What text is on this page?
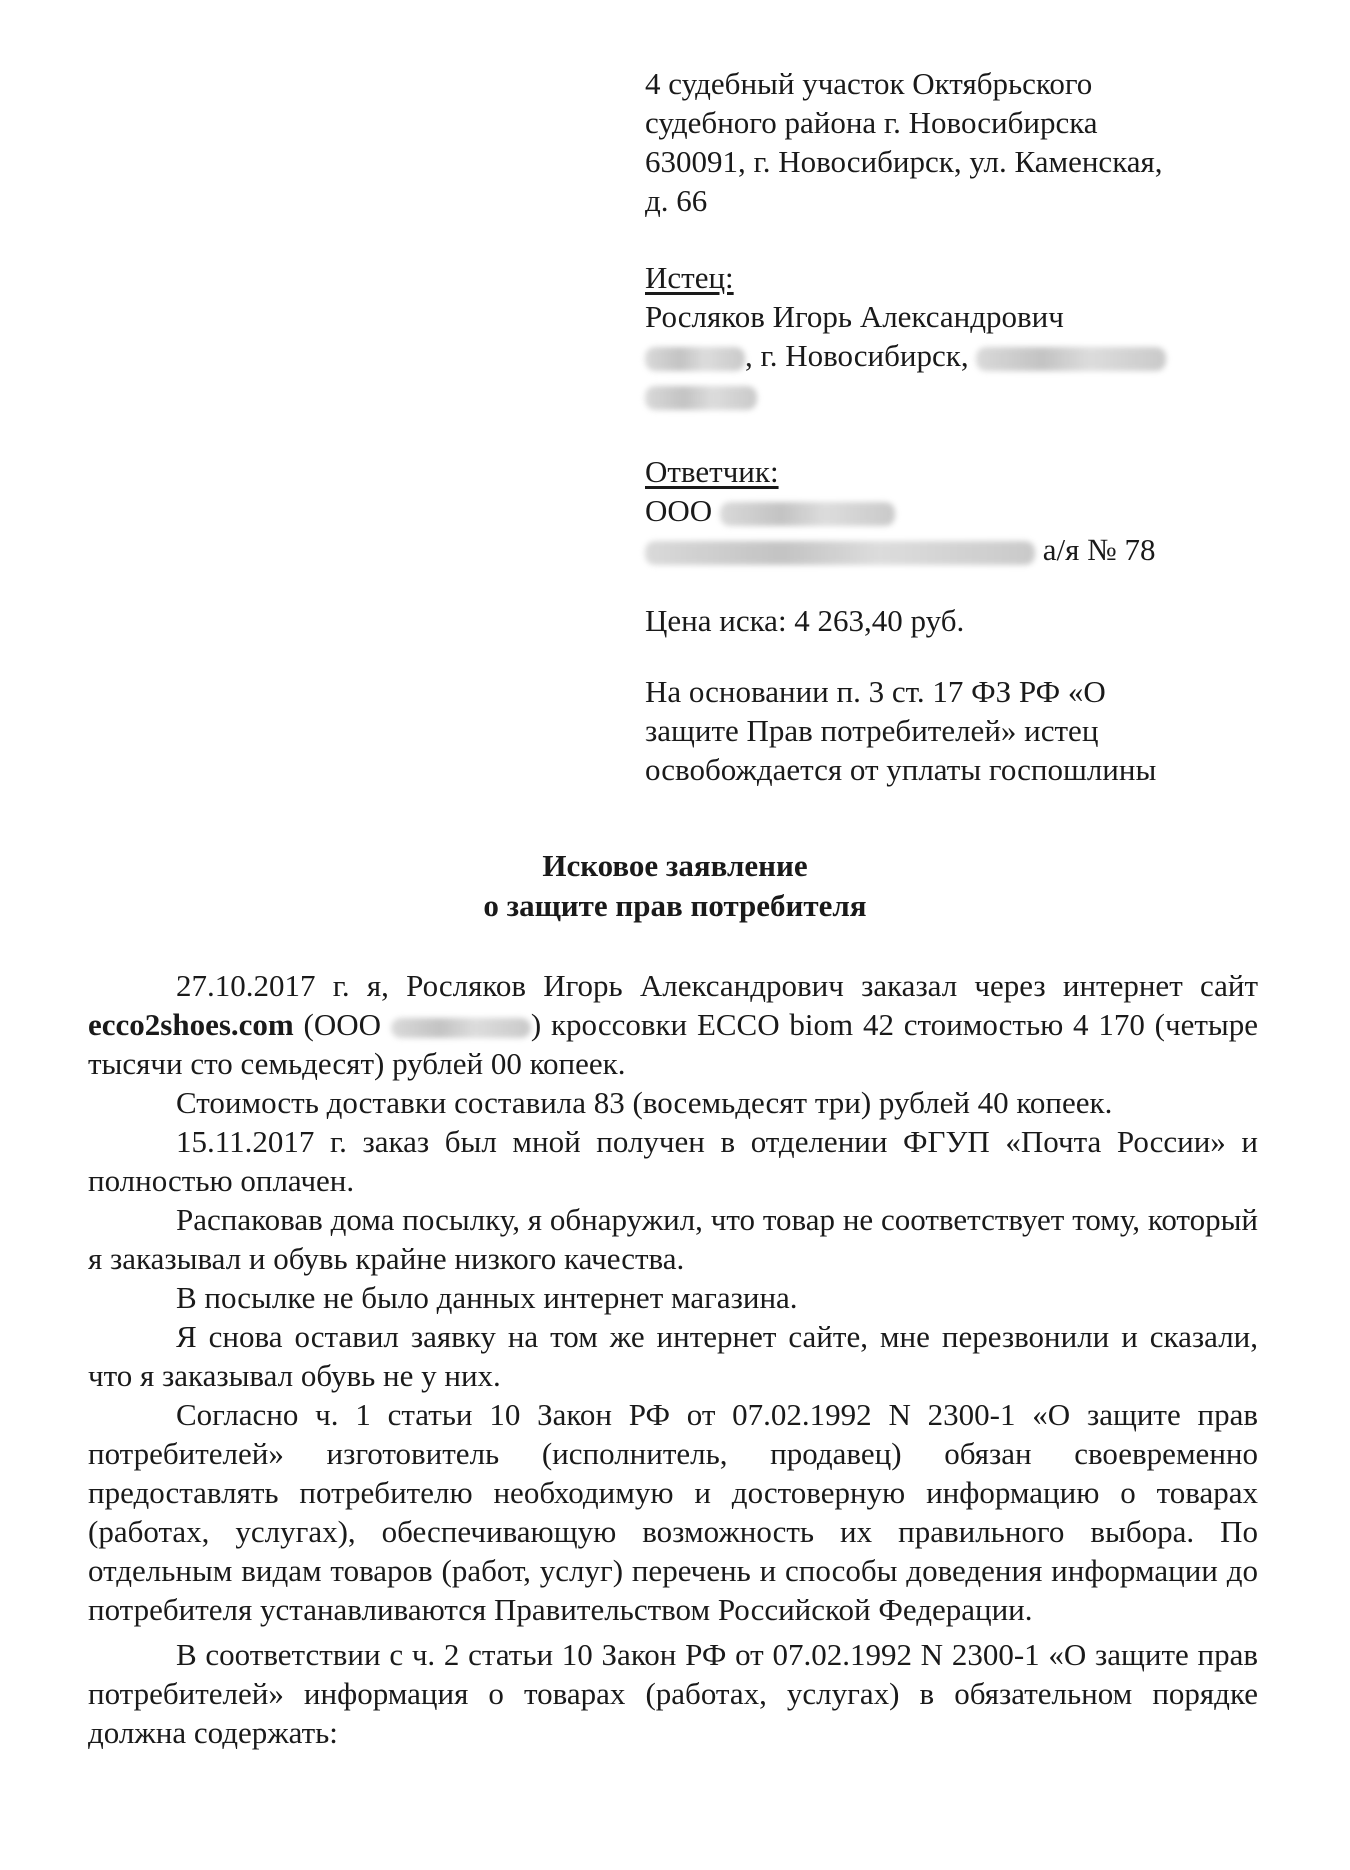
4 судебный участок Октябрьского
судебного района г. Новосибирска
630091, г. Новосибирск, ул. Каменская,
д. 66
Истец:
Росляков Игорь Александрович
, г. Новосибирск,
Ответчик:
ООО
а/я № 78
Цена иска: 4 263,40 руб.
На основании п. 3 ст. 17 ФЗ РФ «О
защите Прав потребителей» истец
освобождается от уплаты госпошлины
Исковое заявление
о защите прав потребителя

27.10.2017 г. я, Росляков Игорь Александрович заказал через интернет сайт ecco2shoes.com (ООО	) кроссовки ECCO biom 42 стоимостью 4 170 (четыре тысячи сто семьдесят) рублей 00 копеек.

Стоимость доставки составила 83 (восемьдесят три) рублей 40 копеек.

15.11.2017 г. заказ был мной получен в отделении ФГУП «Почта России» и полностью оплачен.

Распаковав дома посылку, я обнаружил, что товар не соответствует тому, который я заказывал и обувь крайне низкого качества.

В посылке не было данных интернет магазина.

Я снова оставил заявку на том же интернет сайте, мне перезвонили и сказали, что я заказывал обувь не у них.

Согласно ч. 1 статьи 10 Закон РФ от 07.02.1992 N 2300-1 «О защите прав потребителей» изготовитель (исполнитель, продавец) обязан своевременно предоставлять потребителю необходимую и достоверную информацию о товарах (работах, услугах), обеспечивающую возможность их правильного выбора. По отдельным видам товаров (работ, услуг) перечень и способы доведения информации до потребителя устанавливаются Правительством Российской Федерации.

В соответствии с ч. 2 статьи 10 Закон РФ от 07.02.1992 N 2300-1 «О защите прав потребителей» информация о товарах (работах, услугах) в обязательном порядке должна содержать:
